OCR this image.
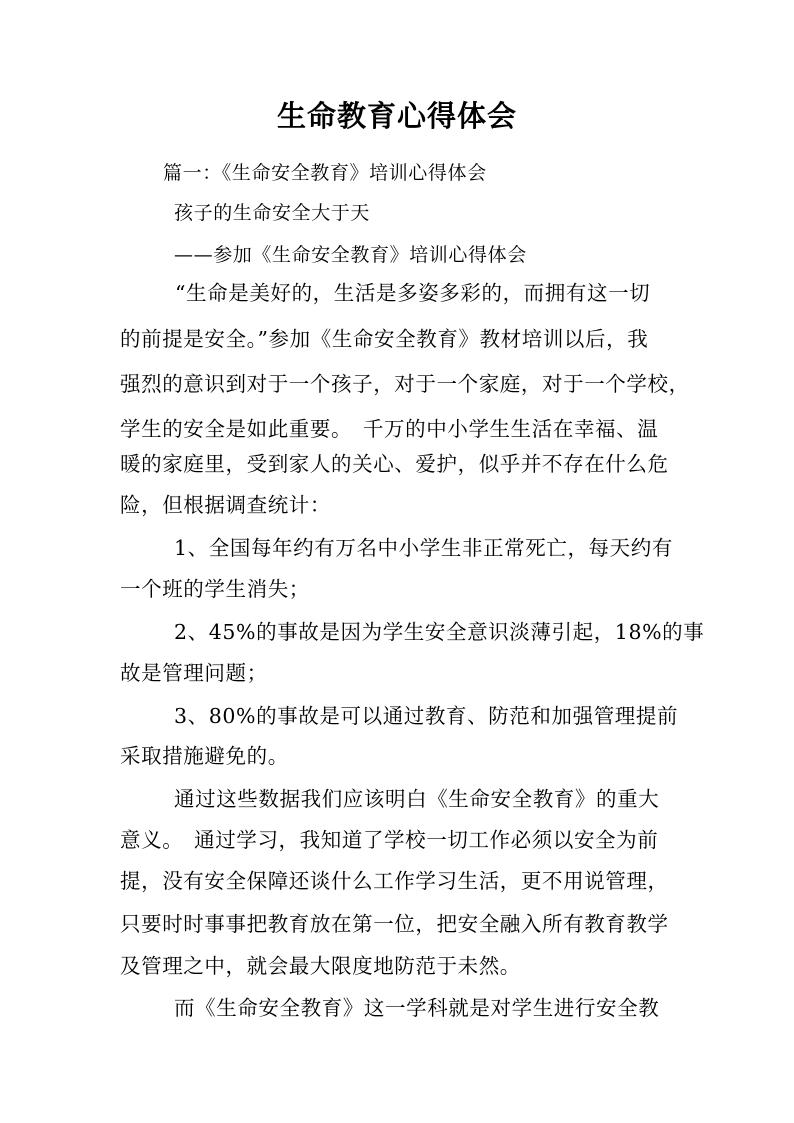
生命教育心得体会
篇一：《生命安全教育》培训心得体会
孩子的生命安全大于天
——参加《生命安全教育》培训心得体会
“生命是美好的，生活是多姿多彩的，而拥有这一切
的前提是安全。”参加《生命安全教育》教材培训以后，我
强烈的意识到对于一个孩子，对于一个家庭，对于一个学校，
学生的安全是如此重要。　千万的中小学生生活在幸福、温
暖的家庭里，受到家人的关心、爱护，似乎并不存在什么危
险，但根据调查统计：
1、全国每年约有万名中小学生非正常死亡，每天约有
一个班的学生消失；
2、45%的事故是因为学生安全意识淡薄引起，18%的事
故是管理问题；
3、80%的事故是可以通过教育、防范和加强管理提前
采取措施避免的。
通过这些数据我们应该明白《生命安全教育》的重大
意义。　通过学习，我知道了学校一切工作必须以安全为前
提，没有安全保障还谈什么工作学习生活，更不用说管理，
只要时时事事把教育放在第一位，把安全融入所有教育教学
及管理之中，就会最大限度地防范于未然。
而《生命安全教育》这一学科就是对学生进行安全教
